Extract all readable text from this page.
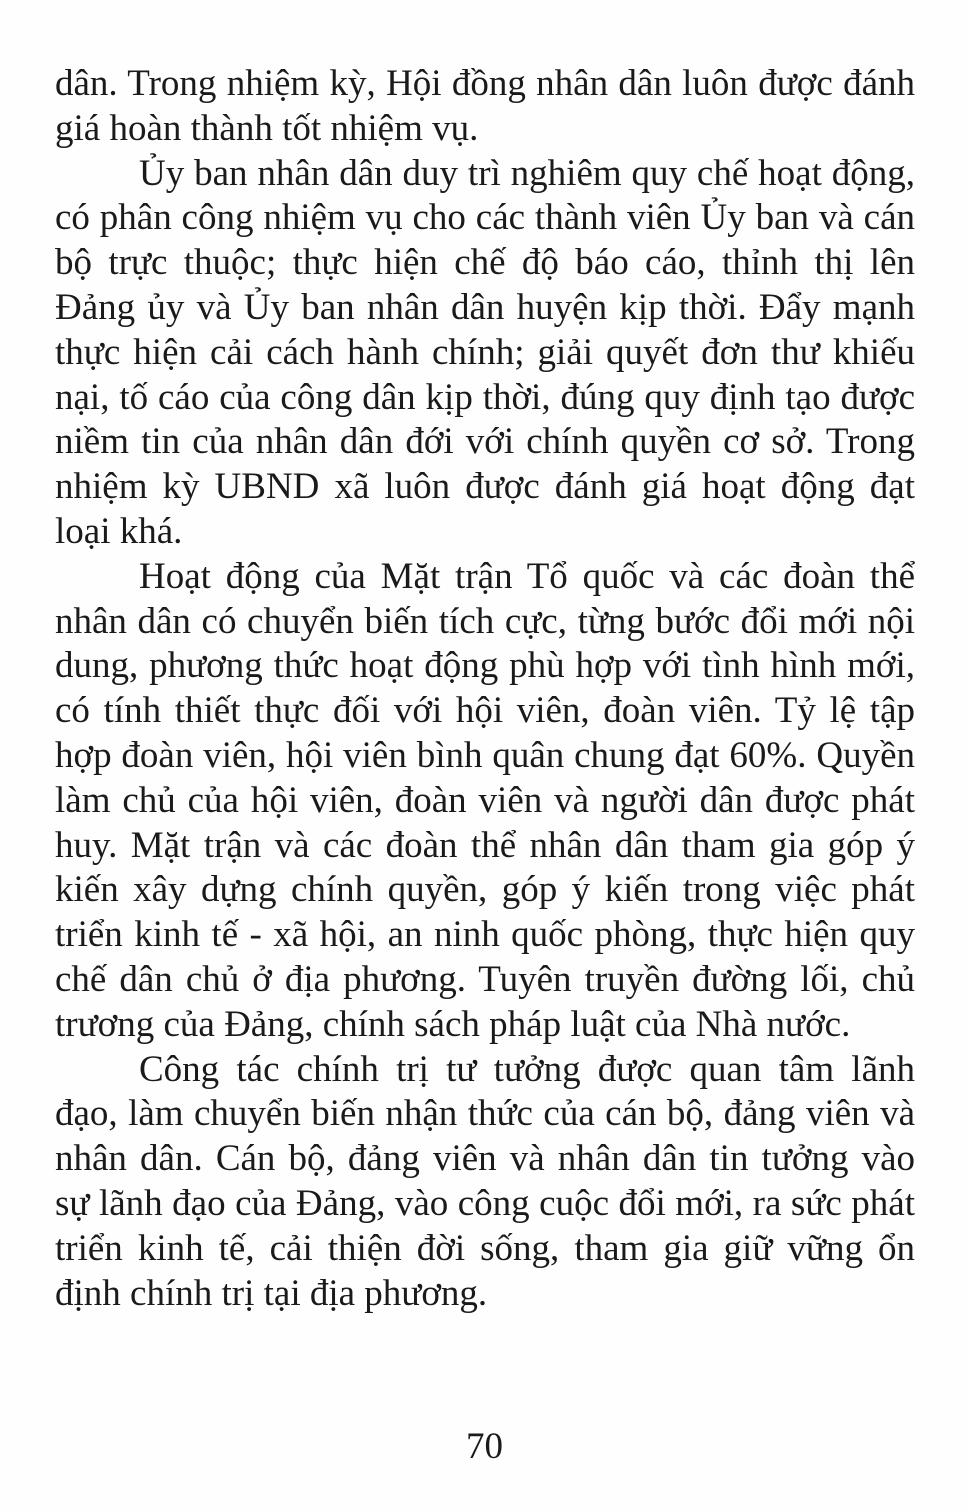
dân. Trong nhiệm kỳ, Hội đồng nhân dân luôn được đánh giá hoàn thành tốt nhiệm vụ.

Ủy ban nhân dân duy trì nghiêm quy chế hoạt động, có phân công nhiệm vụ cho các thành viên Ủy ban và cán bộ trực thuộc; thực hiện chế độ báo cáo, thỉnh thị lên Đảng ủy và Ủy ban nhân dân huyện kịp thời. Đẩy mạnh thực hiện cải cách hành chính; giải quyết đơn thư khiếu nại, tố cáo của công dân kịp thời, đúng quy định tạo được niềm tin của nhân dân đới với chính quyền cơ sở. Trong nhiệm kỳ UBND xã luôn được đánh giá hoạt động đạt loại khá.

Hoạt động của Mặt trận Tổ quốc và các đoàn thể nhân dân có chuyển biến tích cực, từng bước đổi mới nội dung, phương thức hoạt động phù hợp với tình hình mới, có tính thiết thực đối với hội viên, đoàn viên. Tỷ lệ tập hợp đoàn viên, hội viên bình quân chung đạt 60%. Quyền làm chủ của hội viên, đoàn viên và người dân được phát huy. Mặt trận và các đoàn thể nhân dân tham gia góp ý kiến xây dựng chính quyền, góp ý kiến trong việc phát triển kinh tế - xã hội, an ninh quốc phòng, thực hiện quy chế dân chủ ở địa phương. Tuyên truyền đường lối, chủ trương của Đảng, chính sách pháp luật của Nhà nước.

Công tác chính trị tư tưởng được quan tâm lãnh đạo, làm chuyển biến nhận thức của cán bộ, đảng viên và nhân dân. Cán bộ, đảng viên và nhân dân tin tưởng vào sự lãnh đạo của Đảng, vào công cuộc đổi mới, ra sức phát triển kinh tế, cải thiện đời sống, tham gia giữ vững ổn định chính trị tại địa phương.

70
